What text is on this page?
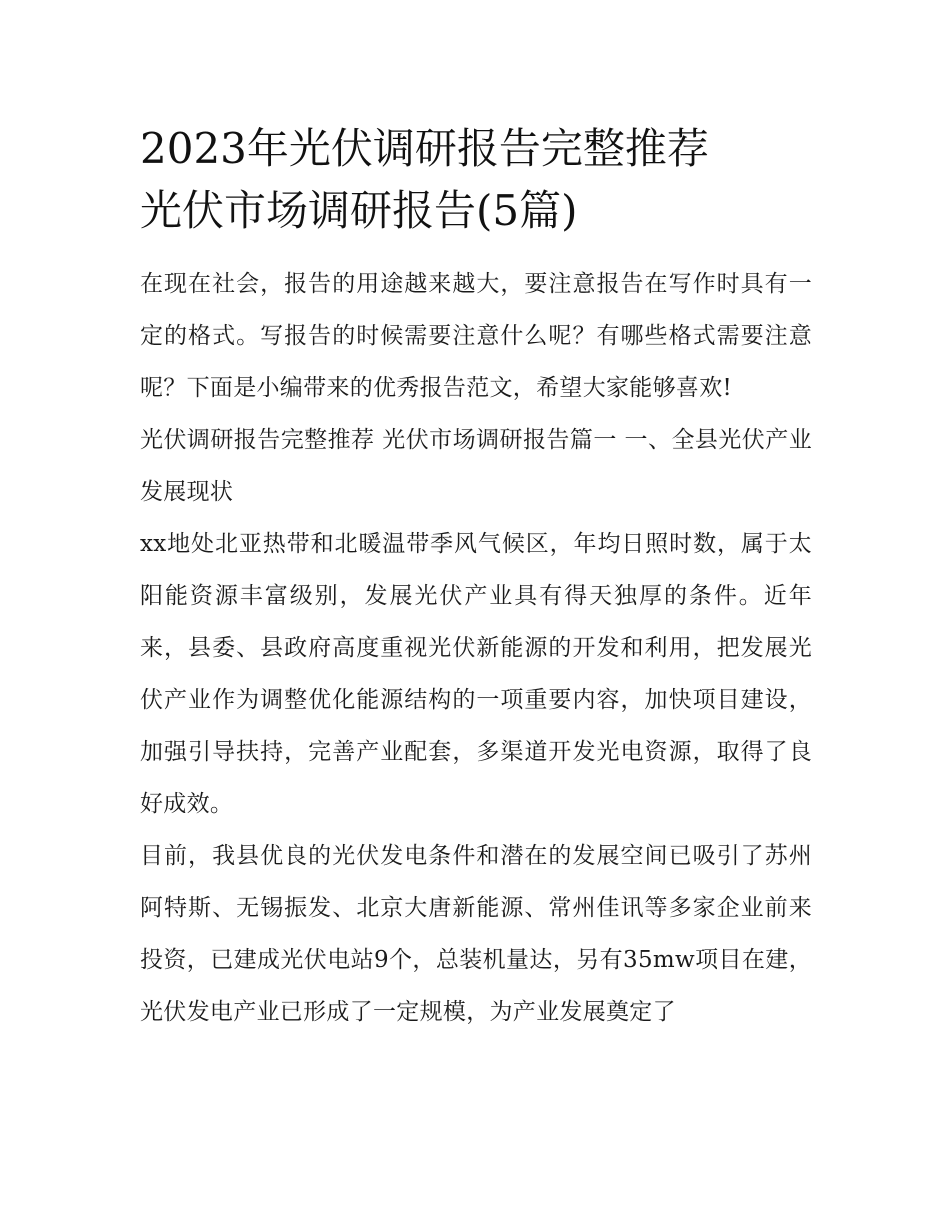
2023年光伏调研报告完整推荐
光伏市场调研报告(5篇)

在现在社会，报告的用途越来越大，要注意报告在写作时具有一定的格式。写报告的时候需要注意什么呢？有哪些格式需要注意呢？下面是小编带来的优秀报告范文，希望大家能够喜欢!

光伏调研报告完整推荐 光伏市场调研报告篇一 一、全县光伏产业发展现状

xx地处北亚热带和北暖温带季风气候区，年均日照时数，属于太阳能资源丰富级别，发展光伏产业具有得天独厚的条件。近年来，县委、县政府高度重视光伏新能源的开发和利用，把发展光伏产业作为调整优化能源结构的一项重要内容，加快项目建设，加强引导扶持，完善产业配套，多渠道开发光电资源，取得了良好成效。

目前，我县优良的光伏发电条件和潜在的发展空间已吸引了苏州阿特斯、无锡振发、北京大唐新能源、常州佳讯等多家企业前来投资，已建成光伏电站9个，总装机量达，另有35mw项目在建，光伏发电产业已形成了一定规模，为产业发展奠定了
